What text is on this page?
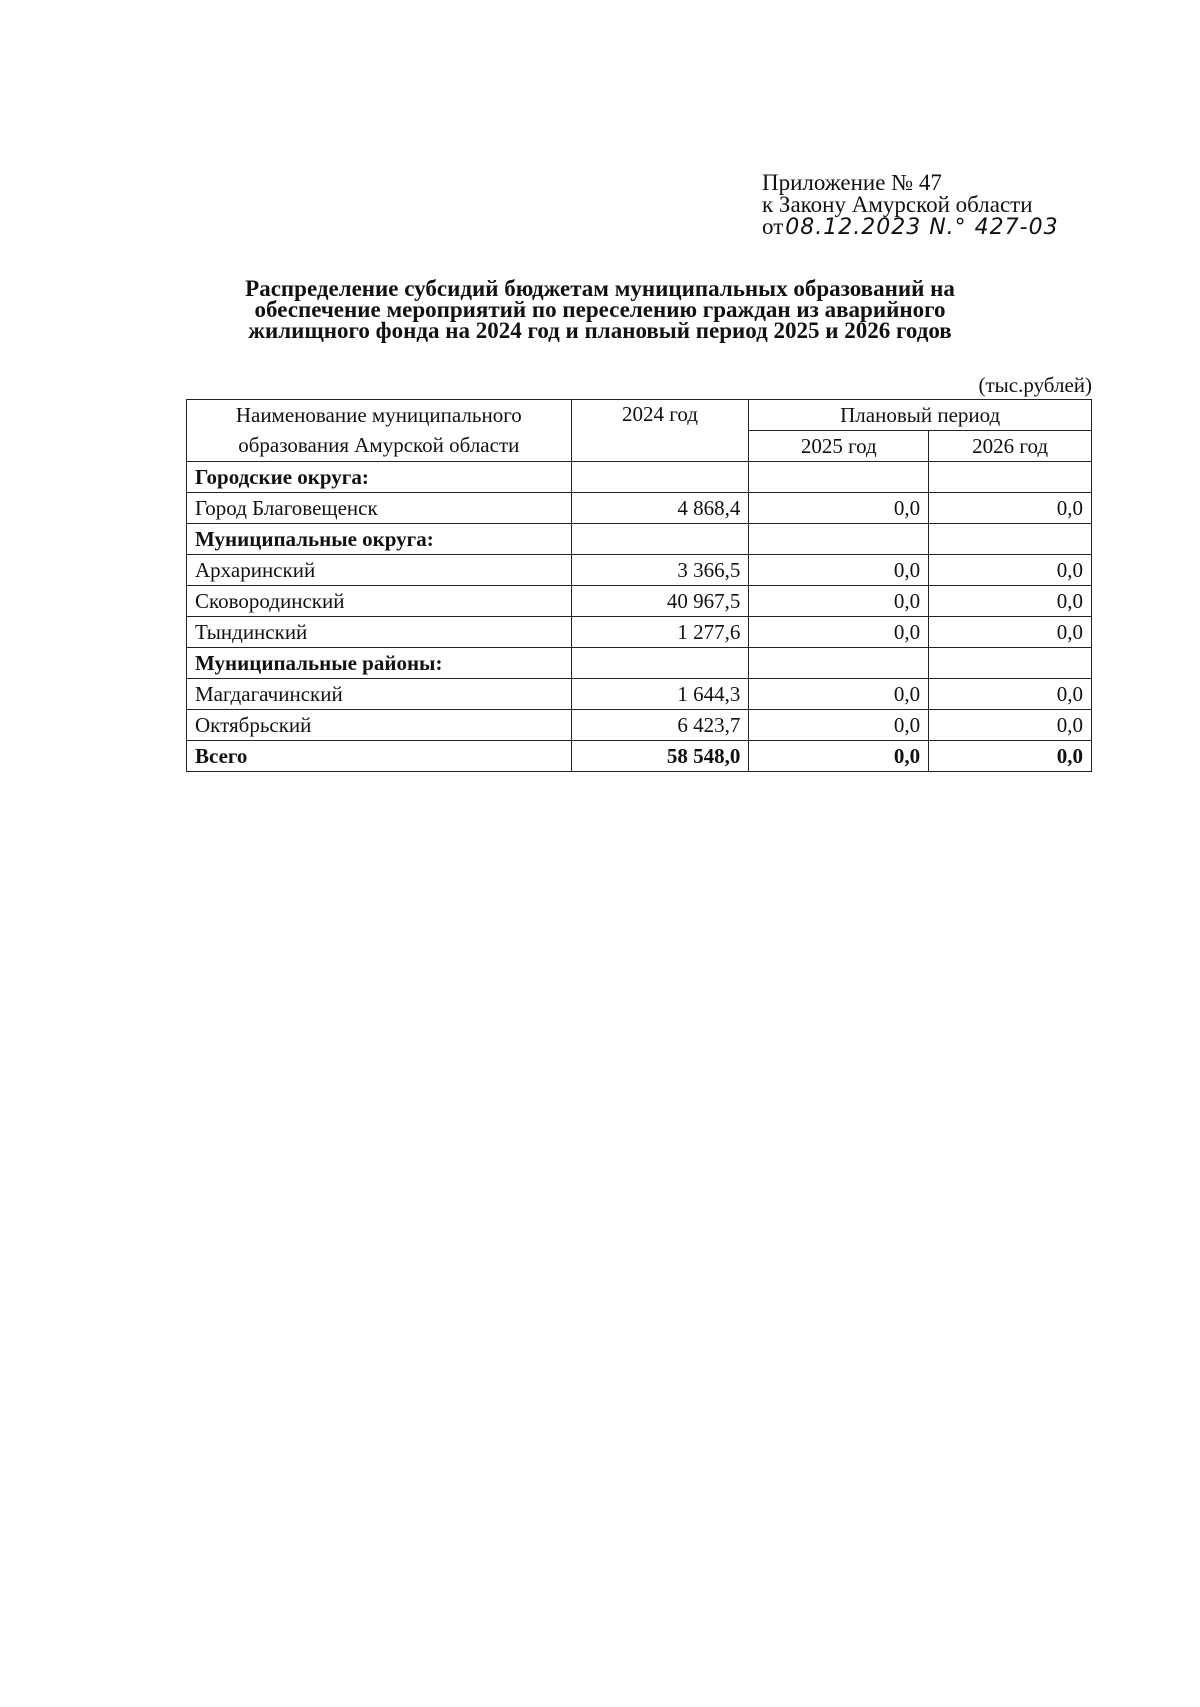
Приложение № 47
к Закону Амурской области
от08.12.2023 N.° 427-03
Распределение субсидий бюджетам муниципальных образований на
обеспечение мероприятий по переселению граждан из аварийного
жилищного фонда на 2024 год и плановый период 2025 и 2026 годов
(тыс.рублей)
Наименование муниципального
образования Амурской области	2024 год	Плановый период	
		2025 год	2026 год
Городские округа:			
Город Благовещенск	4 868,4	0,0	0,0
Муниципальные округа:			
Архаринский	3 366,5	0,0	0,0
Сковородинский	40 967,5	0,0	0,0
Тындинский	1 277,6	0,0	0,0
Муниципальные районы:			
Магдагачинский	1 644,3	0,0	0,0
Октябрьский	6 423,7	0,0	0,0
Всего	58 548,0	0,0	0,0
